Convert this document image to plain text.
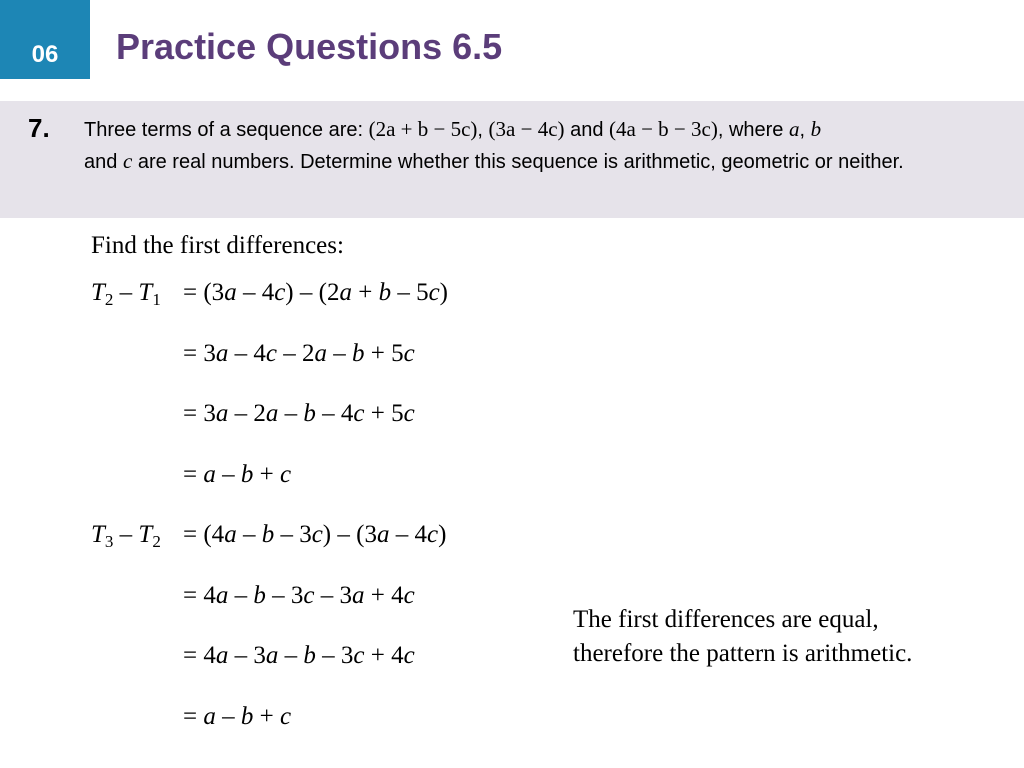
06	Practice Questions 6.5
7. Three terms of a sequence are: (2a + b − 5c), (3a − 4c) and (4a − b − 3c), where a, b
and c are real numbers. Determine whether this sequence is arithmetic, geometric or neither.
Find the first differences:
$T_2 - T_1 = (3a - 4c) - (2a + b - 5c)$
= 3a – 4c – 2a – b + 5c
= 3a – 2a – b – 4c + 5c
= a – b + c
$T_3 - T_2 = (4a - b - 3c) - (3a - 4c)$
= 4a – b – 3c – 3a + 4c
= 4a – 3a – b – 3c + 4c
= a – b + c
The first differences are equal,
therefore the pattern is arithmetic.
